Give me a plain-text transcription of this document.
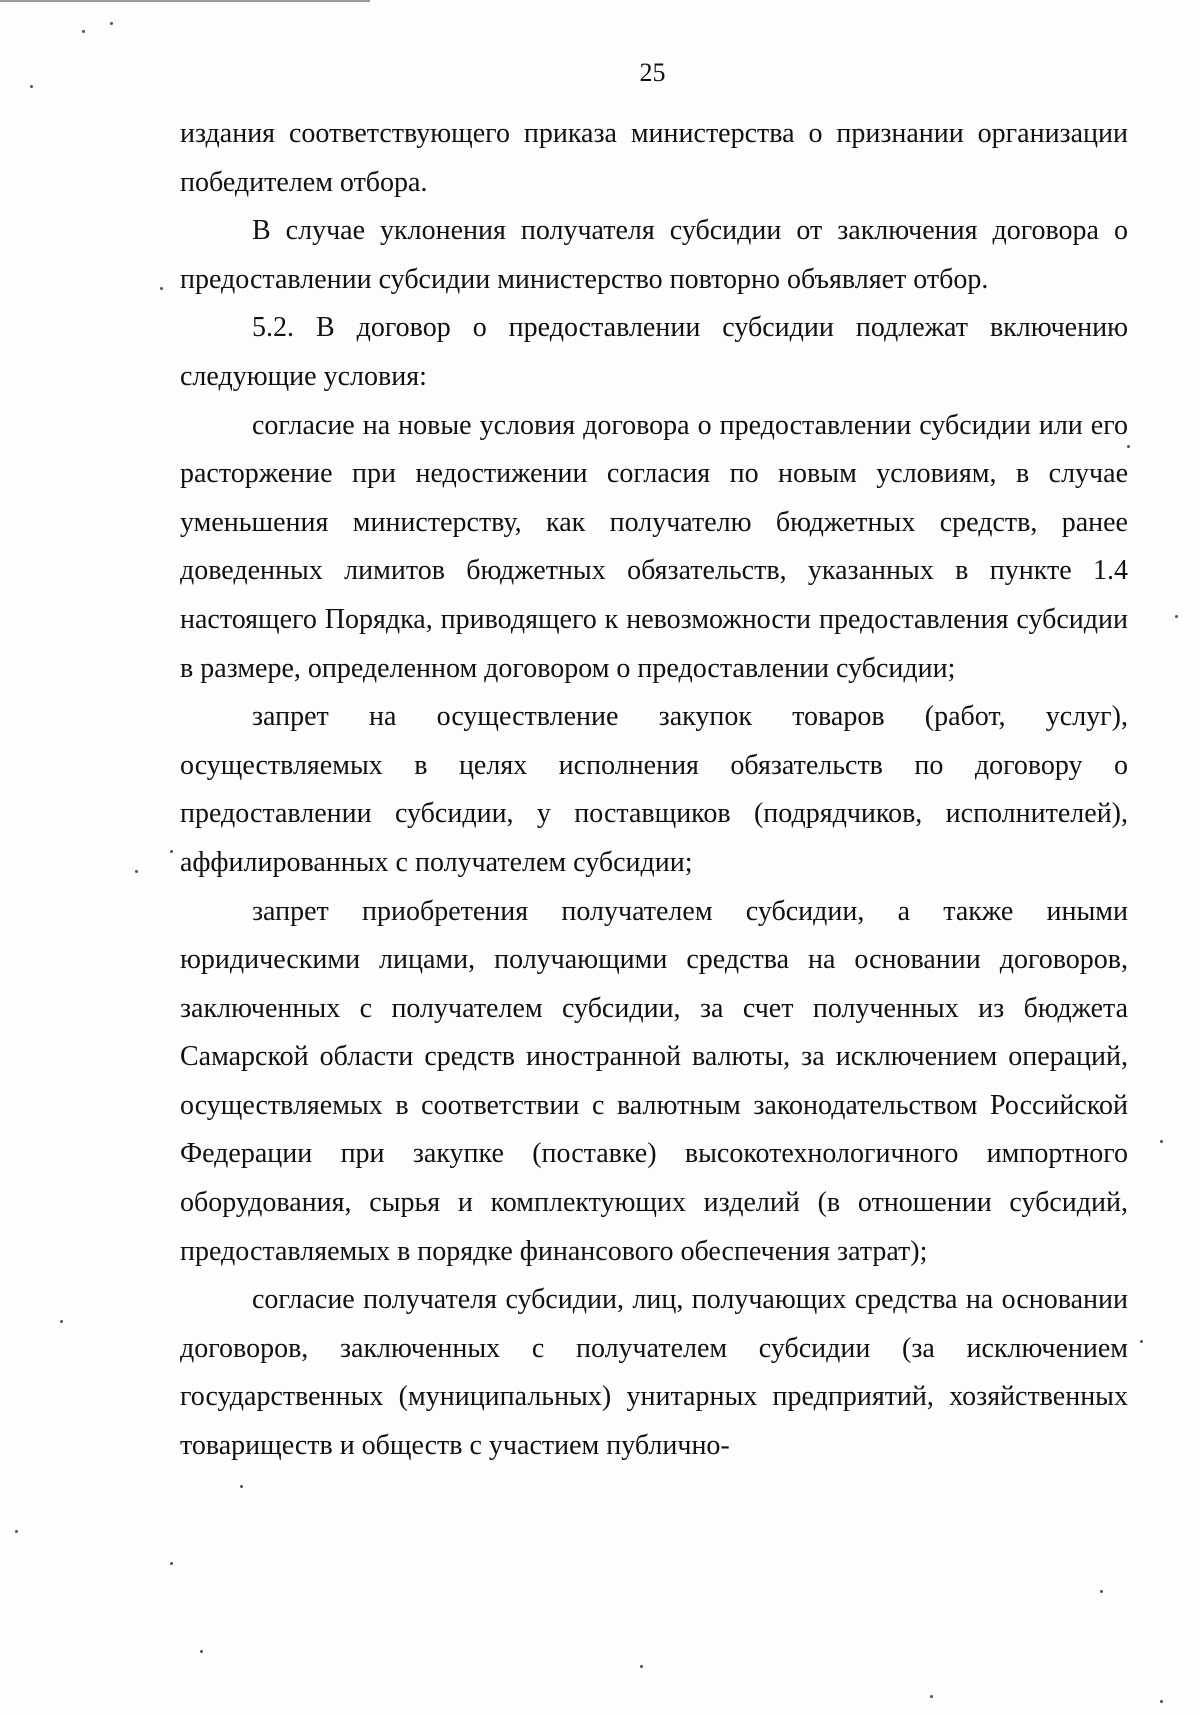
25

издания соответствующего приказа министерства о признании организации победителем отбора.

В случае уклонения получателя субсидии от заключения договора о предоставлении субсидии министерство повторно объявляет отбор.

5.2. В договор о предоставлении субсидии подлежат включению следующие условия:

согласие на новые условия договора о предоставлении субсидии или его расторжение при недостижении согласия по новым условиям, в случае уменьшения министерству, как получателю бюджетных средств, ранее доведенных лимитов бюджетных обязательств, указанных в пункте 1.4 настоящего Порядка, приводящего к невозможности предоставления субсидии в размере, определенном договором о предоставлении субсидии;

запрет на осуществление закупок товаров (работ, услуг), осуществляемых в целях исполнения обязательств по договору о предоставлении субсидии, у поставщиков (подрядчиков, исполнителей), аффилированных с получателем субсидии;

запрет приобретения получателем субсидии, а также иными юридическими лицами, получающими средства на основании договоров, заключенных с получателем субсидии, за счет полученных из бюджета Самарской области средств иностранной валюты, за исключением операций, осуществляемых в соответствии с валютным законодательством Российской Федерации при закупке (поставке) высокотехнологичного импортного оборудования, сырья и комплектующих изделий (в отношении субсидий, предоставляемых в порядке финансового обеспечения затрат);

согласие получателя субсидии, лиц, получающих средства на основании договоров, заключенных с получателем субсидии (за исключением государственных (муниципальных) унитарных предприятий, хозяйственных товариществ и обществ с участием публично-
